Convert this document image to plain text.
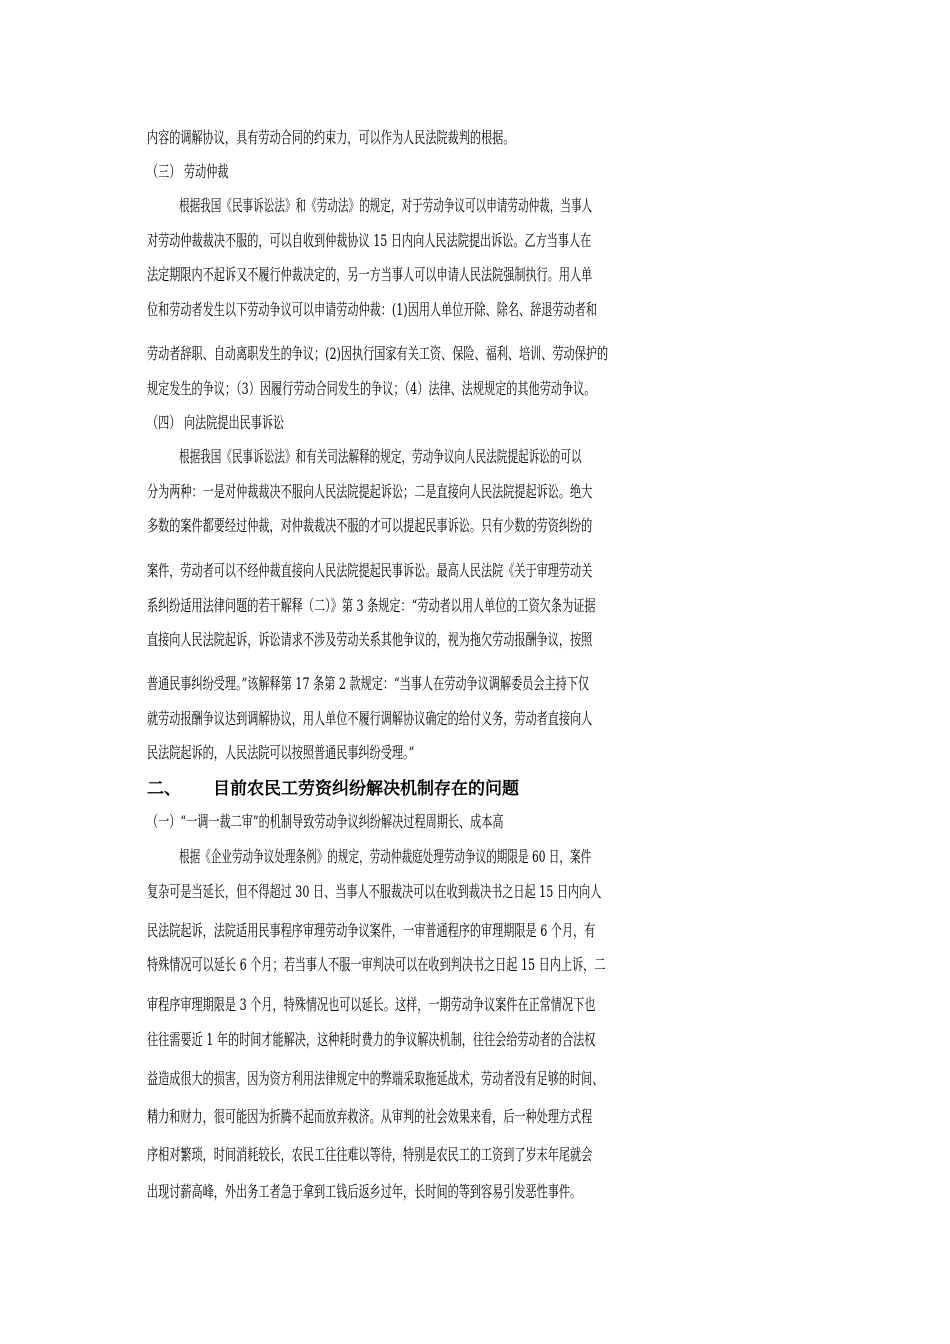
内容的调解协议，具有劳动合同的约束力，可以作为人民法院裁判的根据。
（三） 劳动仲裁
根据我国《民事诉讼法》和《劳动法》的规定，对于劳动争议可以申请劳动仲裁，当事人
对劳动仲裁裁决不服的，可以自收到仲裁协议 15 日内向人民法院提出诉讼。乙方当事人在
法定期限内不起诉又不履行仲裁决定的，另一方当事人可以申请人民法院强制执行。用人单
位和劳动者发生以下劳动争议可以申请劳动仲裁：(1)因用人单位开除、除名、辞退劳动者和
劳动者辞职、自动离职发生的争议；(2)因执行国家有关工资、保险、福利、培训、劳动保护的
规定发生的争议；（3）因履行劳动合同发生的争议；（4）法律、法规规定的其他劳动争议。
（四） 向法院提出民事诉讼
根据我国《民事诉讼法》和有关司法解释的规定，劳动争议向人民法院提起诉讼的可以
分为两种：一是对仲裁裁决不服向人民法院提起诉讼；二是直接向人民法院提起诉讼。绝大
多数的案件都要经过仲裁，对仲裁裁决不服的才可以提起民事诉讼。只有少数的劳资纠纷的
案件，劳动者可以不经仲裁直接向人民法院提起民事诉讼。最高人民法院《关于审理劳动关
系纠纷适用法律问题的若干解释（二）》第 3 条规定：“劳动者以用人单位的工资欠条为证据
直接向人民法院起诉，诉讼请求不涉及劳动关系其他争议的，视为拖欠劳动报酬争议，按照
普通民事纠纷受理。”该解释第 17 条第 2 款规定：“当事人在劳动争议调解委员会主持下仅
就劳动报酬争议达到调解协议，用人单位不履行调解协议确定的给付义务，劳动者直接向人
民法院起诉的，人民法院可以按照普通民事纠纷受理。”
二、 目前农民工劳资纠纷解决机制存在的问题
（一）“一调一裁二审”的机制导致劳动争议纠纷解决过程周期长、成本高
根据《企业劳动争议处理条例》的规定，劳动仲裁庭处理劳动争议的期限是 60 日，案件
复杂可是当延长，但不得超过 30 日、当事人不服裁决可以在收到裁决书之日起 15 日内向人
民法院起诉，法院适用民事程序审理劳动争议案件，一审普通程序的审理期限是 6 个月，有
特殊情况可以延长 6 个月；若当事人不服一审判决可以在收到判决书之日起 15 日内上诉，二
审程序审理期限是 3 个月，特殊情况也可以延长。这样，一期劳动争议案件在正常情况下也
往往需要近 1 年的时间才能解决，这种耗时费力的争议解决机制，往往会给劳动者的合法权
益造成很大的损害，因为资方利用法律规定中的弊端采取拖延战术，劳动者没有足够的时间、
精力和财力，很可能因为折腾不起而放弃救济。从审判的社会效果来看，后一种处理方式程
序相对繁琐，时间消耗较长，农民工往往难以等待，特别是农民工的工资到了岁末年尾就会
出现讨薪高峰，外出务工者急于拿到工钱后返乡过年，长时间的等到容易引发恶性事件。
